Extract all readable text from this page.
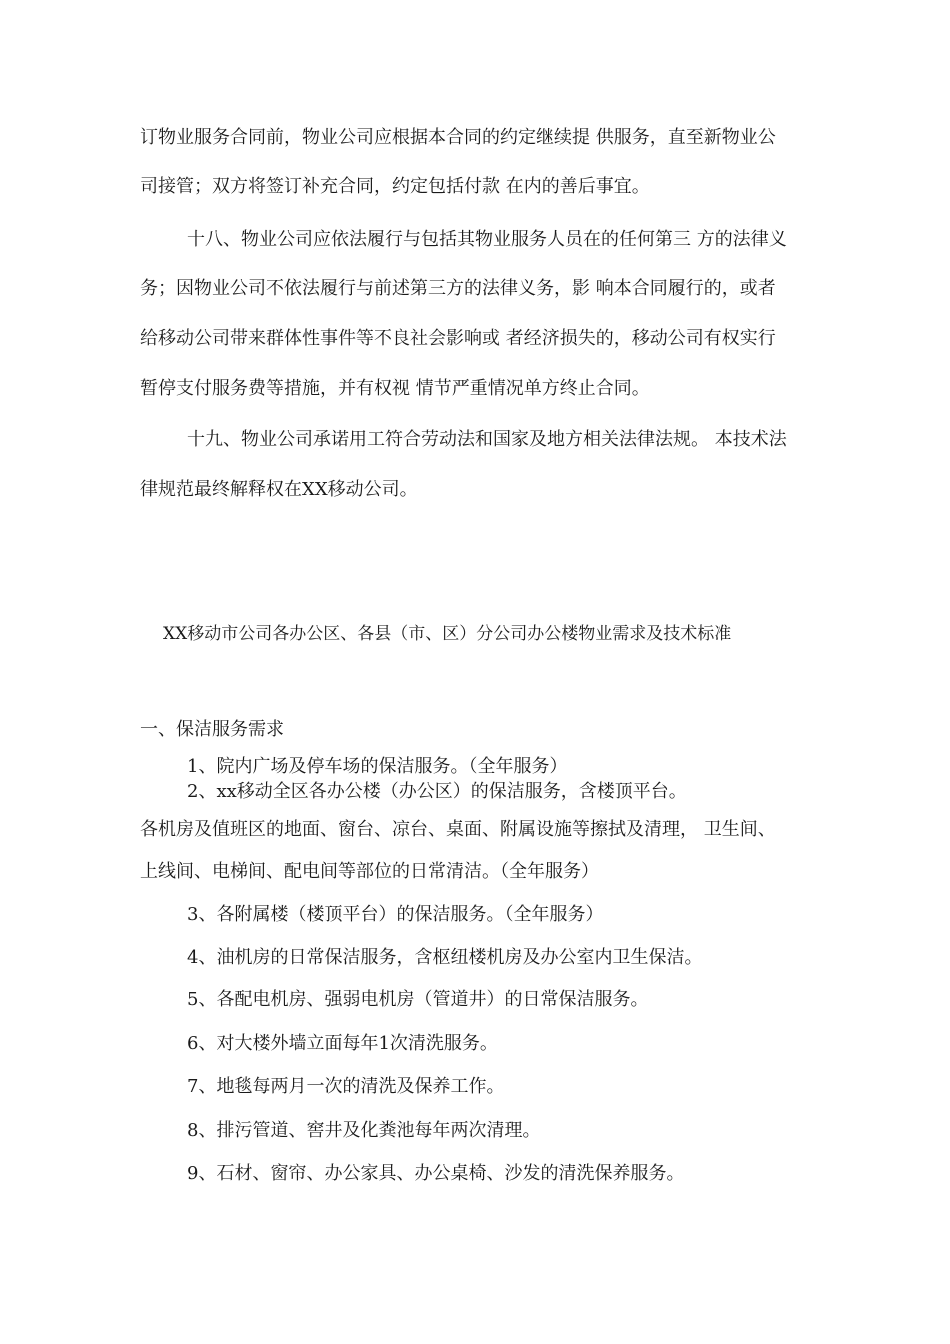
订物业服务合同前，物业公司应根据本合同的约定继续提 供服务，直至新物业公
司接管；双方将签订补充合同，约定包括付款 在内的善后事宜。
十八、物业公司应依法履行与包括其物业服务人员在的任何第三 方的法律义
务；因物业公司不依法履行与前述第三方的法律义务，影 响本合同履行的，或者
给移动公司带来群体性事件等不良社会影响或 者经济损失的，移动公司有权实行
暂停支付服务费等措施，并有权视 情节严重情况单方终止合同。
十九、物业公司承诺用工符合劳动法和国家及地方相关法律法规。 本技术法
律规范最终解释权在XX移动公司。
XX移动市公司各办公区、各县（市、区）分公司办公楼物业需求及技术标准
一、保洁服务需求
1、院内广场及停车场的保洁服务。（全年服务）
2、xx移动全区各办公楼（办公区）的保洁服务，含楼顶平台。
各机房及值班区的地面、窗台、凉台、桌面、附属设施等擦拭及清理， 卫生间、
上线间、电梯间、配电间等部位的日常清洁。（全年服务）
3、各附属楼（楼顶平台）的保洁服务。（全年服务）
4、油机房的日常保洁服务，含枢纽楼机房及办公室内卫生保洁。
5、各配电机房、强弱电机房（管道井）的日常保洁服务。
6、对大楼外墙立面每年1次清洗服务。
7、地毯每两月一次的清洗及保养工作。
8、排污管道、窖井及化粪池每年两次清理。
9、石材、窗帘、办公家具、办公桌椅、沙发的清洗保养服务。
